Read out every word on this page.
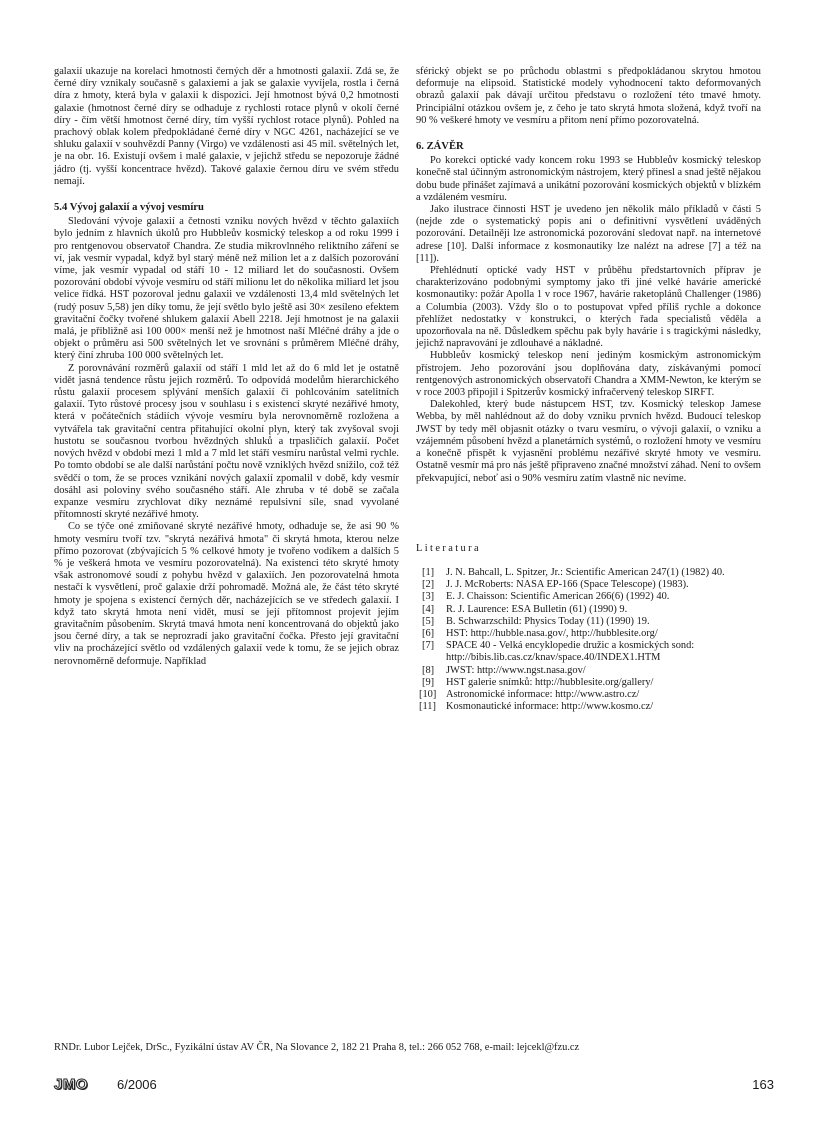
galaxií ukazuje na korelaci hmotnosti černých děr a hmotnosti galaxií. Zdá se, že černé díry vznikaly současně s galaxiemi a jak se galaxie vyvíjela, rostla i černá díra z hmoty, která byla v galaxii k dispozici. Její hmotnost bývá 0,2 hmotnosti galaxie (hmotnost černé díry se odhaduje z rychlosti rotace plynů v okolí černé díry - čím větší hmotnost černé díry, tím vyšší rychlost rotace plynů). Pohled na prachový oblak kolem předpokládané černé díry v NGC 4261, nacházející se ve shluku galaxií v souhvězdí Panny (Virgo) ve vzdálenosti asi 45 mil. světelných let, je na obr. 16. Existují ovšem i malé galaxie, v jejichž středu se nepozoruje žádné jádro (tj. vyšší koncentrace hvězd). Takové galaxie černou díru ve svém středu nemají.

5.4 Vývoj galaxií a vývoj vesmíru

Sledování vývoje galaxií a četnosti vzniku nových hvězd v těchto galaxiích bylo jedním z hlavních úkolů pro Hubbleův kosmický teleskop a od roku 1999 i pro rentgenovou observatoř Chandra. Ze studia mikrovlnného reliktního záření se ví, jak vesmír vypadal, když byl starý méně než milion let a z dalších pozorování víme, jak vesmír vypadal od stáří 10 - 12 miliard let do současnosti. Ovšem pozorování období vývoje vesmíru od stáří milionu let do několika miliard let jsou velice řídká. HST pozoroval jednu galaxii ve vzdálenosti 13,4 mld světelných let (rudý posuv 5,58) jen díky tomu, že její světlo bylo ještě asi 30× zesíleno efektem gravitační čočky tvořené shlukem galaxií Abell 2218. Její hmotnost je na galaxii malá, je přibližně asi 100 000× menší než je hmotnost naší Mléčné dráhy a jde o objekt o průměru asi 500 světelných let ve srovnání s průměrem Mléčné dráhy, který činí zhruba 100 000 světelných let.

Z porovnávání rozměrů galaxií od stáří 1 mld let až do 6 mld let je ostatně vidět jasná tendence růstu jejich rozměrů. To odpovídá modelům hierarchického růstu galaxií procesem splývání menších galaxií či pohlcováním satelitních galaxií. Tyto růstové procesy jsou v souhlasu i s existencí skryté nezářivé hmoty, která v počátečních stádiích vývoje vesmíru byla nerovnoměrně rozložena a vytvářela tak gravitační centra přitahující okolní plyn, který tak zvyšoval svoji hustotu se současnou tvorbou hvězdných shluků a trpasličích galaxií. Počet nových hvězd v období mezi 1 mld a 7 mld let stáří vesmíru narůstal velmi rychle. Po tomto období se ale další narůstání počtu nově vzniklých hvězd snížilo, což též svědčí o tom, že se proces vznikání nových galaxií zpomalil v době, kdy vesmír dosáhl asi poloviny svého současného stáří. Ale zhruba v té době se začala expanze vesmíru zrychlovat díky neznámé repulsivní síle, snad vyvolané přítomností skryté nezářivé hmoty.

Co se týče oné zmiňované skryté nezářivé hmoty, odhaduje se, že asi 90 % hmoty vesmíru tvoří tzv. "skrytá nezářivá hmota" či skrytá hmota, kterou nelze přímo pozorovat (zbývajících 5 % celkové hmoty je tvořeno vodíkem a dalších 5 % je veškerá hmota ve vesmíru pozorovatelná). Na existenci této skryté hmoty však astronomové soudí z pohybu hvězd v galaxiích. Jen pozorovatelná hmota nestačí k vysvětlení, proč galaxie drží pohromadě. Možná ale, že část této skryté hmoty je spojena s existencí černých děr, nacházejících se ve středech galaxií. I když tato skrytá hmota není vidět, musí se její přítomnost projevit jejím gravitačním působením. Skrytá tmavá hmota není koncentrovaná do objektů jako jsou černé díry, a tak se neprozradí jako gravitační čočka. Přesto její gravitační vliv na procházející světlo od vzdálených galaxií vede k tomu, že se jejich obraz nerovnoměrně deformuje. Například

sférický objekt se po průchodu oblastmi s předpokládanou skrytou hmotou deformuje na elipsoid. Statistické modely vyhodnocení takto deformovaných obrazů galaxií pak dávají určitou představu o rozložení této tmavé hmoty. Principiální otázkou ovšem je, z čeho je tato skrytá hmota složená, když tvoří na 90 % veškeré hmoty ve vesmíru a přitom není přímo pozorovatelná.

6. ZÁVĚR

Po korekci optické vady koncem roku 1993 se Hubbleův kosmický teleskop konečně stal účinným astronomickým nástrojem, který přinesl a snad ještě nějakou dobu bude přinášet zajímavá a unikátní pozorování kosmických objektů v blízkém a vzdáleném vesmíru.

Jako ilustrace činnosti HST je uvedeno jen několik málo příkladů v části 5 (nejde zde o systematický popis ani o definitivní vysvětlení uváděných pozorování. Detailněji lze astronomická pozorování sledovat např. na internetové adrese [10]. Další informace z kosmonautiky lze nalézt na adrese [7] a též na [11]).

Přehlédnutí optické vady HST v průběhu předstartovních příprav je charakterizováno podobnými symptomy jako tři jiné velké havárie americké kosmonautiky: požár Apolla 1 v roce 1967, havárie raketoplánů Challenger (1986) a Columbia (2003). Vždy šlo o to postupovat vpřed příliš rychle a dokonce přehlížet nedostatky v konstrukci, o kterých řada specialistů věděla a upozorňovala na ně. Důsledkem spěchu pak byly havárie i s tragickými následky, jejichž napravování je zdlouhavé a nákladné.

Hubbleův kosmický teleskop není jediným kosmickým astronomickým přístrojem. Jeho pozorování jsou doplňována daty, získávanými pomocí rentgenových astronomických observatoří Chandra a XMM-Newton, ke kterým se v roce 2003 připojil i Spitzerův kosmický infračervený teleskop SIRFT.

Dalekohled, který bude nástupcem HST, tzv. Kosmický teleskop Jamese Webba, by měl nahlédnout až do doby vzniku prvních hvězd. Budoucí teleskop JWST by tedy měl objasnit otázky o tvaru vesmíru, o vývoji galaxií, o vzniku a vzájemném působení hvězd a planetárních systémů, o rozložení hmoty ve vesmíru a konečně přispět k vyjasnění problému nezářivé skryté hmoty ve vesmíru. Ostatně vesmír má pro nás ještě připraveno značné množství záhad. Není to ovšem překvapující, neboť asi o 90% vesmíru zatím vlastně nic nevíme.

Literatura
[1] J. N. Bahcall, L. Spitzer, Jr.: Scientific American 247(1) (1982) 40.
[2] J. J. McRoberts: NASA EP-166 (Space Telescope) (1983).
[3] E. J. Chaisson: Scientific American 266(6) (1992) 40.
[4] R. J. Laurence: ESA Bulletin (61) (1990) 9.
[5] B. Schwarzschild: Physics Today (11) (1990) 19.
[6] HST: http://hubble.nasa.gov/, http://hubblesite.org/
[7] SPACE 40 - Velká encyklopedie družic a kosmických sond: http://bibis.lib.cas.cz/knav/space.40/INDEX1.HTM
[8] JWST: http://www.ngst.nasa.gov/
[9] HST galerie snímků: http://hubblesite.org/gallery/
[10] Astronomické informace: http://www.astro.cz/
[11] Kosmonautické informace: http://www.kosmo.cz/
RNDr. Lubor Lejček, DrSc., Fyzikální ústav AV ČR, Na Slovance 2, 182 21 Praha 8, tel.: 266 052 768, e-mail: lejcekl@fzu.cz
JMO	6/2006	163
